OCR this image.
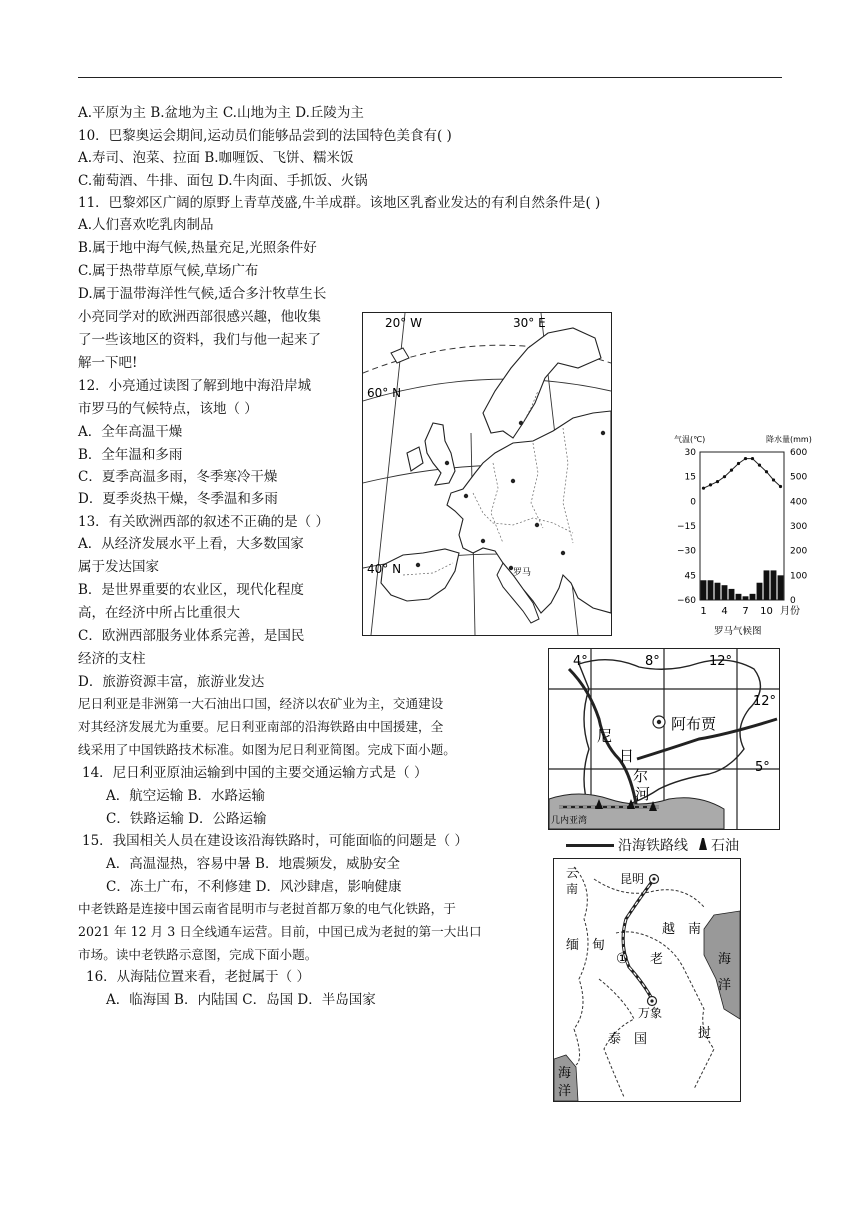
A.平原为主 B.盆地为主 C.山地为主 D.丘陵为主
10．巴黎奥运会期间,运动员们能够品尝到的法国特色美食有( )
A.寿司、泡菜、拉面 B.咖喱饭、飞饼、糯米饭
C.葡萄酒、牛排、面包 D.牛肉面、手抓饭、火锅
11．巴黎郊区广阔的原野上青草茂盛,牛羊成群。该地区乳畜业发达的有利自然条件是( )
A.人们喜欢吃乳肉制品
B.属于地中海气候,热量充足,光照条件好
C.属于热带草原气候,草场广布
D.属于温带海洋性气候,适合多汁牧草生长
小亮同学对的欧洲西部很感兴趣，他收集
了一些该地区的资料，我们与他一起来了
解一下吧!
12．小亮通过读图了解到地中海沿岸城
市罗马的气候特点，该地（ ）
A．全年高温干燥
B．全年温和多雨
C．夏季高温多雨，冬季寒冷干燥
D．夏季炎热干燥，冬季温和多雨
13．有关欧洲西部的叙述不正确的是（ ）
A．从经济发展水平上看，大多数国家
属于发达国家
B．是世界重要的农业区，现代化程度
高，在经济中所占比重很大
C．欧洲西部服务业体系完善，是国民
经济的支柱
D．旅游资源丰富，旅游业发达
尼日利亚是非洲第一大石油出口国，经济以农矿业为主，交通建设
对其经济发展尤为重要。尼日利亚南部的沿海铁路由中国援建，全
线采用了中国铁路技术标准。如图为尼日利亚简图。完成下面小题。
14．尼日利亚原油运输到中国的主要交通运输方式是（ ）
A．航空运输 B．水路运输
C．铁路运输 D．公路运输
15．我国相关人员在建设该沿海铁路时，可能面临的问题是（ ）
A．高温湿热，容易中暑 B．地震频发，威胁安全
C．冻土广布，不利修建 D．风沙肆虐，影响健康
中老铁路是连接中国云南省昆明市与老挝首都万象的电气化铁路，于
2021 年 12 月 3 日全线通车运营。目前，中国已成为老挝的第一大出口
市场。读中老铁路示意图，完成下面小题。
16．从海陆位置来看，老挝属于（ ）
A．临海国 B．内陆国 C．岛国 D．半岛国家
20° W	30° E
60° N
40° N	罗马
气温(℃)	降水量(mm)
30
15
0
−15
−30
45
−60
600
500
400
300
200
100
0
1 4 7 10 月份
罗马气候图
4°	8°	12°
12°
5°
阿布贾
尼
日
尔
河
几内亚湾
沿海铁路线 石油
云
南
昆明
缅 甸
越 南
老
挝
①
万象
泰 国
海
洋
海
洋
